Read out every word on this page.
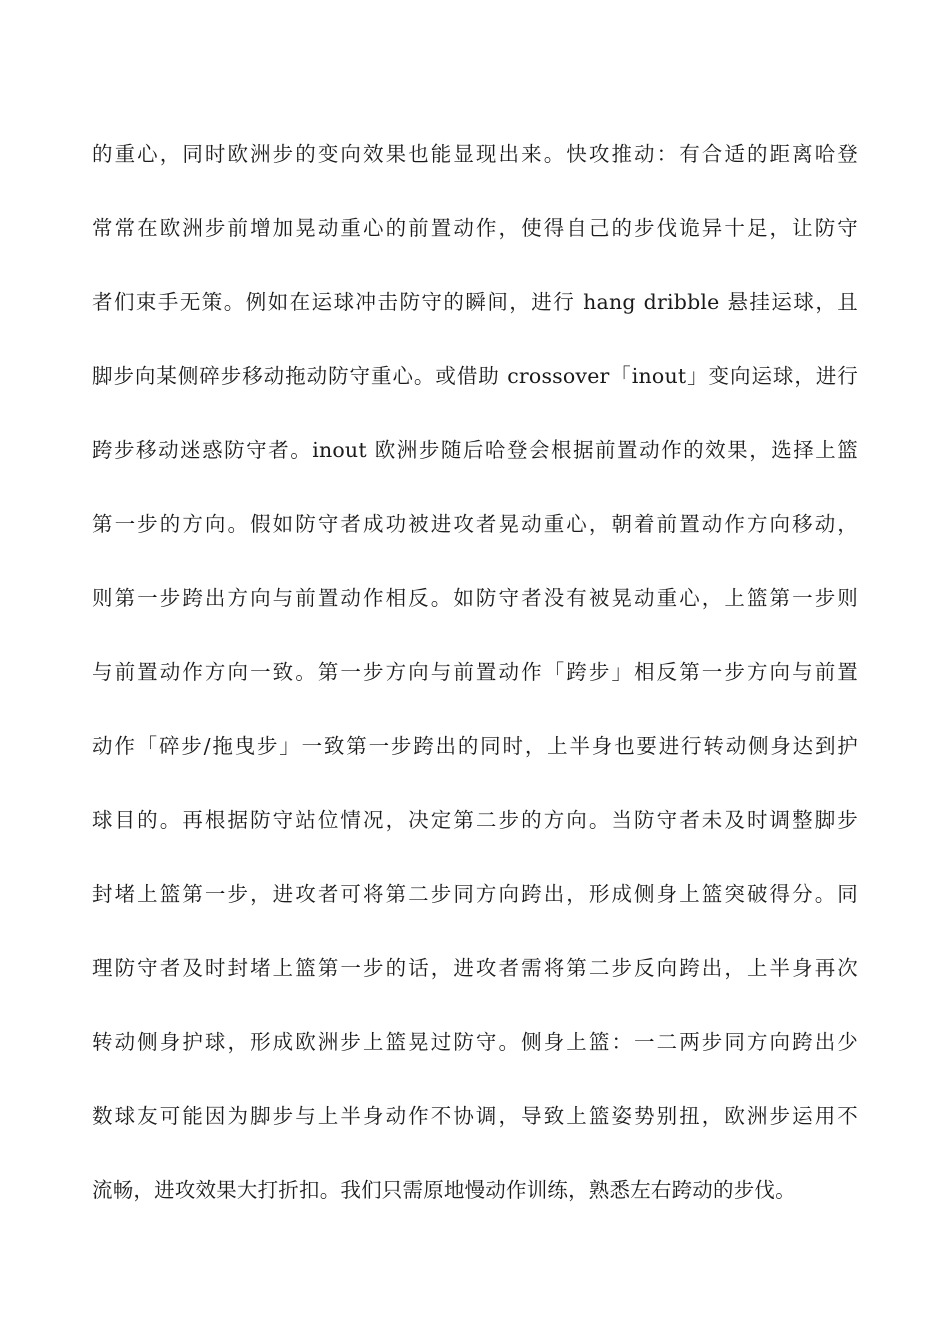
的重心，同时欧洲步的变向效果也能显现出来。快攻推动：有合适的距离哈登
常常在欧洲步前增加晃动重心的前置动作，使得自己的步伐诡异十足，让防守
者们束手无策。例如在运球冲击防守的瞬间，进行 hang dribble 悬挂运球，且
脚步向某侧碎步移动拖动防守重心。或借助 crossover「inout」变向运球，进行
跨步移动迷惑防守者。inout 欧洲步随后哈登会根据前置动作的效果，选择上篮
第一步的方向。假如防守者成功被进攻者晃动重心，朝着前置动作方向移动，
则第一步跨出方向与前置动作相反。如防守者没有被晃动重心，上篮第一步则
与前置动作方向一致。第一步方向与前置动作「跨步」相反第一步方向与前置
动作「碎步/拖曳步」一致第一步跨出的同时，上半身也要进行转动侧身达到护
球目的。再根据防守站位情况，决定第二步的方向。当防守者未及时调整脚步
封堵上篮第一步，进攻者可将第二步同方向跨出，形成侧身上篮突破得分。同
理防守者及时封堵上篮第一步的话，进攻者需将第二步反向跨出，上半身再次
转动侧身护球，形成欧洲步上篮晃过防守。侧身上篮：一二两步同方向跨出少
数球友可能因为脚步与上半身动作不协调，导致上篮姿势别扭，欧洲步运用不
流畅，进攻效果大打折扣。我们只需原地慢动作训练，熟悉左右跨动的步伐。
